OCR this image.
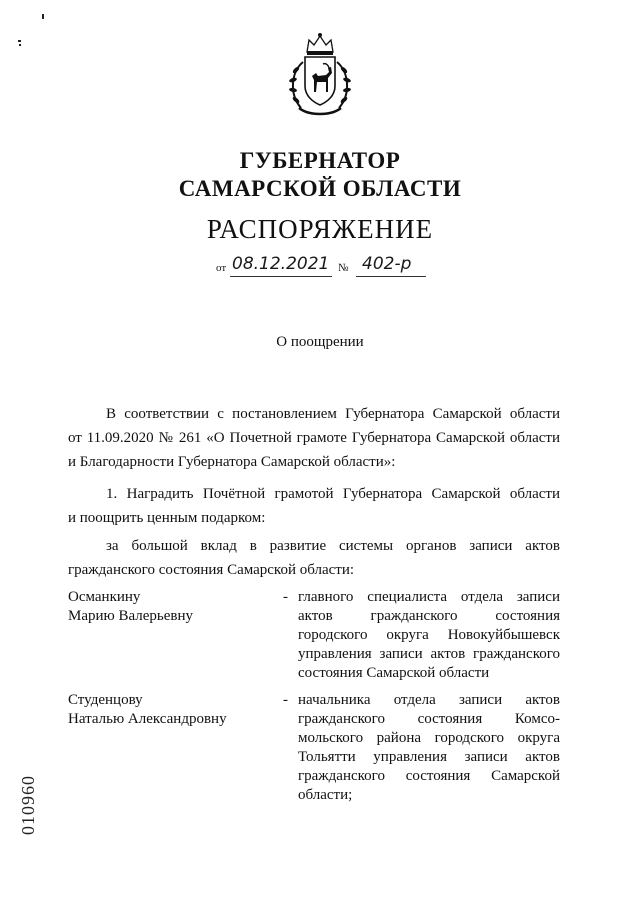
ГУБЕРНАТОР
САМАРСКОЙ ОБЛАСТИ
РАСПОРЯЖЕНИЕ
от 08.12.2021 № 402-р
О поощрении
В соответствии с постановлением Губернатора Самарской области
от 11.09.2020 № 261 «О Почетной грамоте Губернатора Самарской области
и Благодарности Губернатора Самарской области»:
1. Наградить Почётной грамотой Губернатора Самарской области
и поощрить ценным подарком:
за большой вклад в развитие системы органов записи актов
гражданского состояния Самарской области:
Османкину
Марию Валерьевну
- главного специалиста отдела записи
актов гражданского состояния
городского округа Новокуйбышевск
управления записи актов гражданского
состояния Самарской области
Студенцову
Наталью Александровну
- начальника отдела записи актов
гражданского состояния Комсо-
мольского района городского округа
Тольятти управления записи актов
гражданского состояния Самарской
области;
010960
